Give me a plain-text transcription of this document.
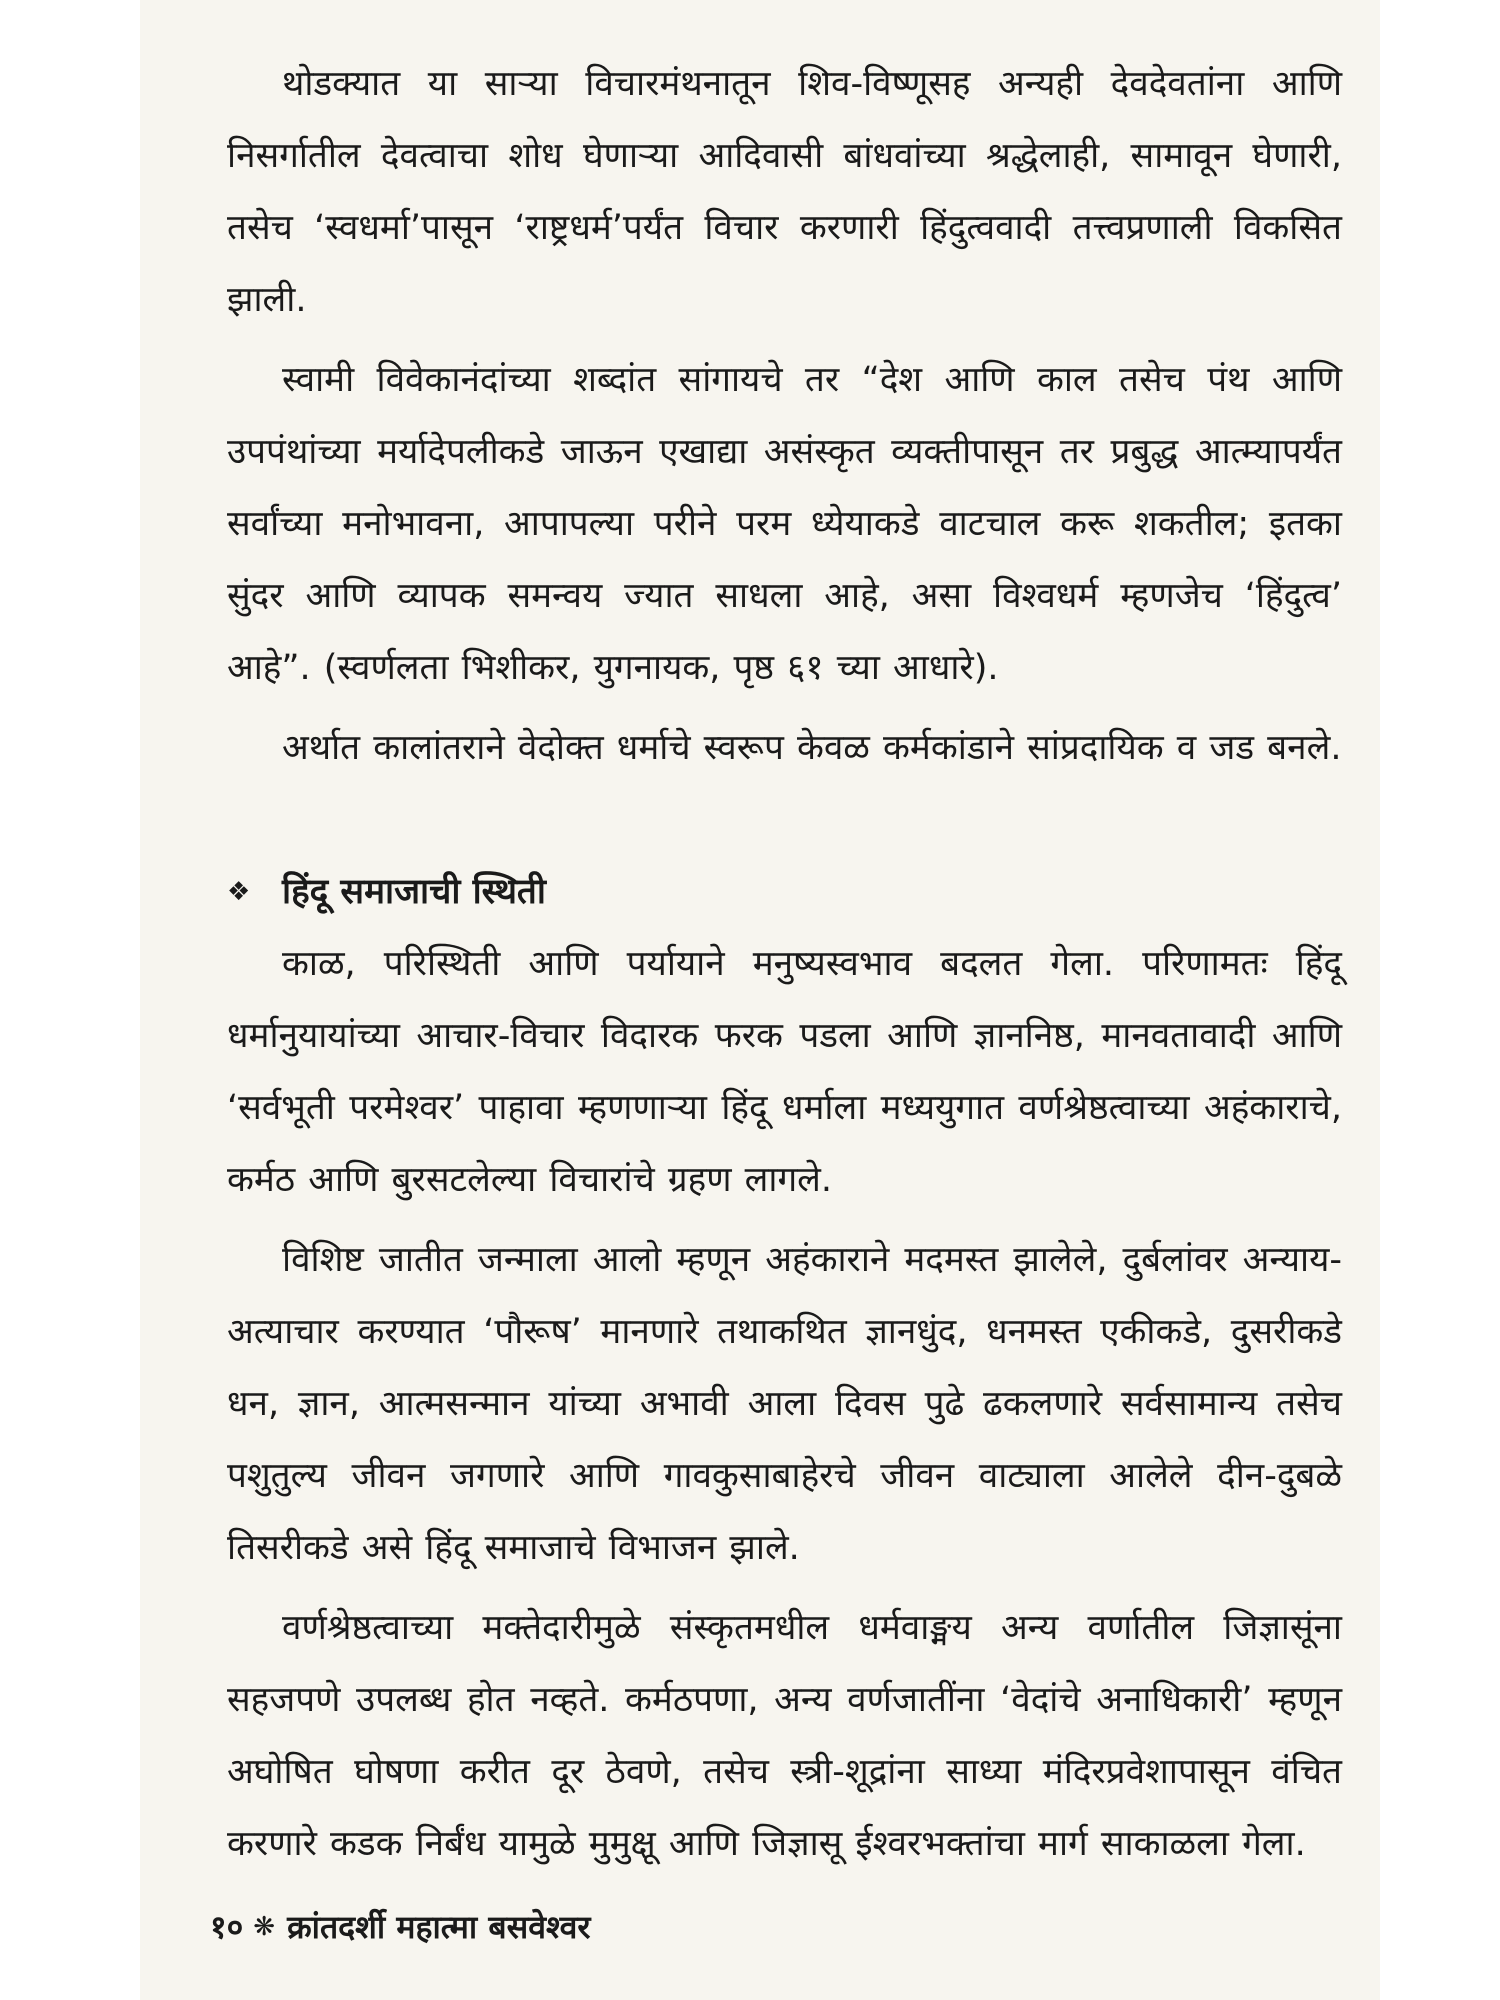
थोडक्यात या साऱ्या विचारमंथनातून शिव-विष्णूसह अन्यही देवदेवतांना आणि निसर्गातील देवत्वाचा शोध घेणाऱ्या आदिवासी बांधवांच्या श्रद्धेलाही, सामावून घेणारी, तसेच ‘स्वधर्मा’पासून ‘राष्ट्रधर्म’पर्यंत विचार करणारी हिंदुत्ववादी तत्त्वप्रणाली विकसित झाली.

स्वामी विवेकानंदांच्या शब्दांत सांगायचे तर “देश आणि काल तसेच पंथ आणि उपपंथांच्या मर्यादेपलीकडे जाऊन एखाद्या असंस्कृत व्यक्तीपासून तर प्रबुद्ध आत्म्यापर्यंत सर्वांच्या मनोभावना, आपापल्या परीने परम ध्येयाकडे वाटचाल करू शकतील; इतका सुंदर आणि व्यापक समन्वय ज्यात साधला आहे, असा विश्वधर्म म्हणजेच ‘हिंदुत्व’ आहे”. (स्वर्णलता भिशीकर, युगनायक, पृष्ठ ६१ च्या आधारे).

अर्थात कालांतराने वेदोक्त धर्माचे स्वरूप केवळ कर्मकांडाने सांप्रदायिक व जड बनले.

❖ हिंदू समाजाची स्थिती

काळ, परिस्थिती आणि पर्यायाने मनुष्यस्वभाव बदलत गेला. परिणामतः हिंदू धर्मानुयायांच्या आचार-विचार विदारक फरक पडला आणि ज्ञाननिष्ठ, मानवतावादी आणि ‘सर्वभूती परमेश्वर’ पाहावा म्हणणाऱ्या हिंदू धर्माला मध्ययुगात वर्णश्रेष्ठत्वाच्या अहंकाराचे, कर्मठ आणि बुरसटलेल्या विचारांचे ग्रहण लागले.

विशिष्ट जातीत जन्माला आलो म्हणून अहंकाराने मदमस्त झालेले, दुर्बलांवर अन्याय-अत्याचार करण्यात ‘पौरूष’ मानणारे तथाकथित ज्ञानधुंद, धनमस्त एकीकडे, दुसरीकडे धन, ज्ञान, आत्मसन्मान यांच्या अभावी आला दिवस पुढे ढकलणारे सर्वसामान्य तसेच पशुतुल्य जीवन जगणारे आणि गावकुसाबाहेरचे जीवन वाट्याला आलेले दीन-दुबळे तिसरीकडे असे हिंदू समाजाचे विभाजन झाले.

वर्णश्रेष्ठत्वाच्या मक्तेदारीमुळे संस्कृतमधील धर्मवाङ्मय अन्य वर्णातील जिज्ञासूंना सहजपणे उपलब्ध होत नव्हते. कर्मठपणा, अन्य वर्णजातींना ‘वेदांचे अनाधिकारी’ म्हणून अघोषित घोषणा करीत दूर ठेवणे, तसेच स्त्री-शूद्रांना साध्या मंदिरप्रवेशापासून वंचित करणारे कडक निर्बंध यामुळे मुमुक्षू आणि जिज्ञासू ईश्वरभक्तांचा मार्ग साकाळला गेला.

१० ❋ क्रांतदर्शी महात्मा बसवेश्वर
